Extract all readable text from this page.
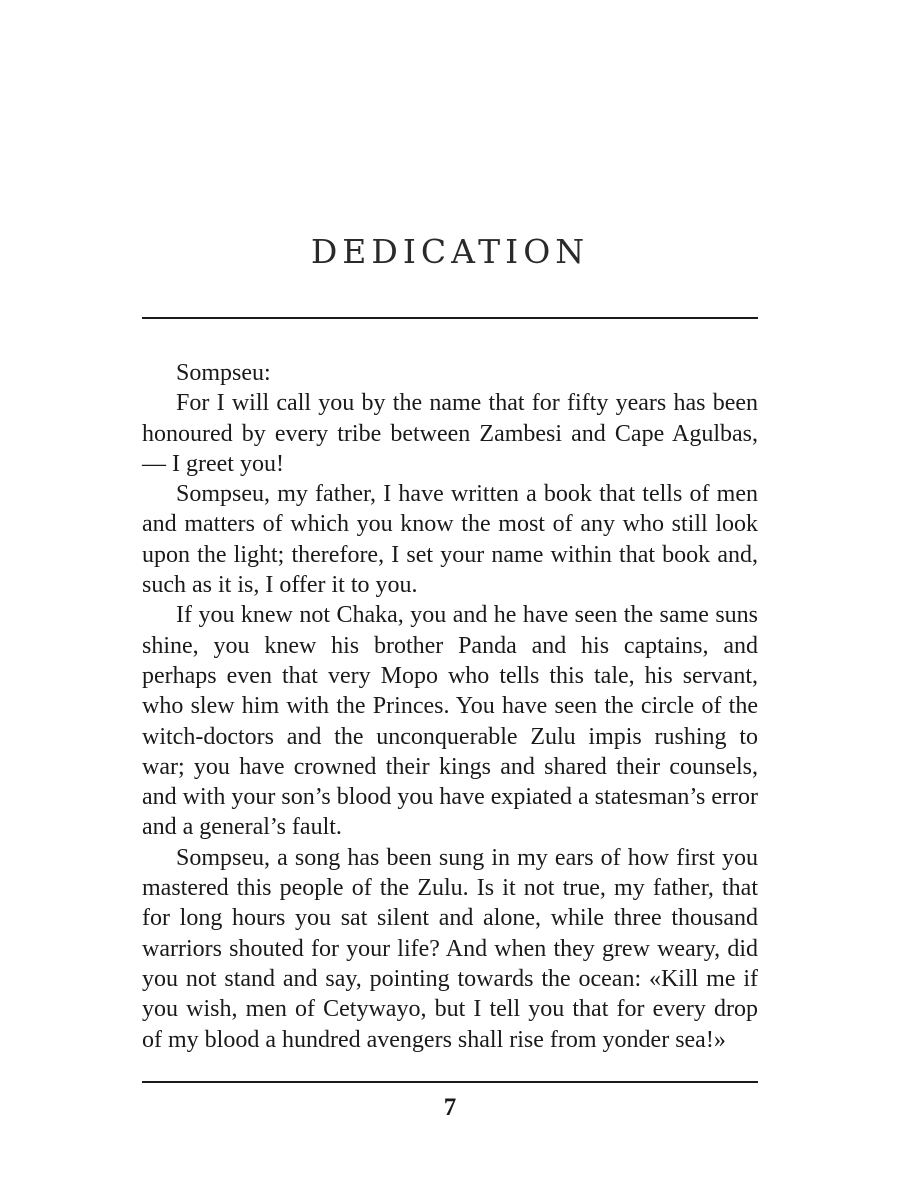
DEDICATION

Sompseu:

For I will call you by the name that for fifty years has been honoured by every tribe between Zambesi and Cape Agulbas, — I greet you!

Sompseu, my father, I have written a book that tells of men and matters of which you know the most of any who still look upon the light; therefore, I set your name within that book and, such as it is, I offer it to you.

If you knew not Chaka, you and he have seen the same suns shine, you knew his brother Panda and his captains, and perhaps even that very Mopo who tells this tale, his servant, who slew him with the Princes. You have seen the circle of the witch-doctors and the unconquerable Zulu impis rushing to war; you have crowned their kings and shared their counsels, and with your son’s blood you have expiated a statesman’s error and a general’s fault.

Sompseu, a song has been sung in my ears of how first you mastered this people of the Zulu. Is it not true, my father, that for long hours you sat silent and alone, while three thousand warriors shouted for your life? And when they grew weary, did you not stand and say, pointing towards the ocean: «Kill me if you wish, men of Cetywayo, but I tell you that for every drop of my blood a hundred avengers shall rise from yonder sea!»

7
